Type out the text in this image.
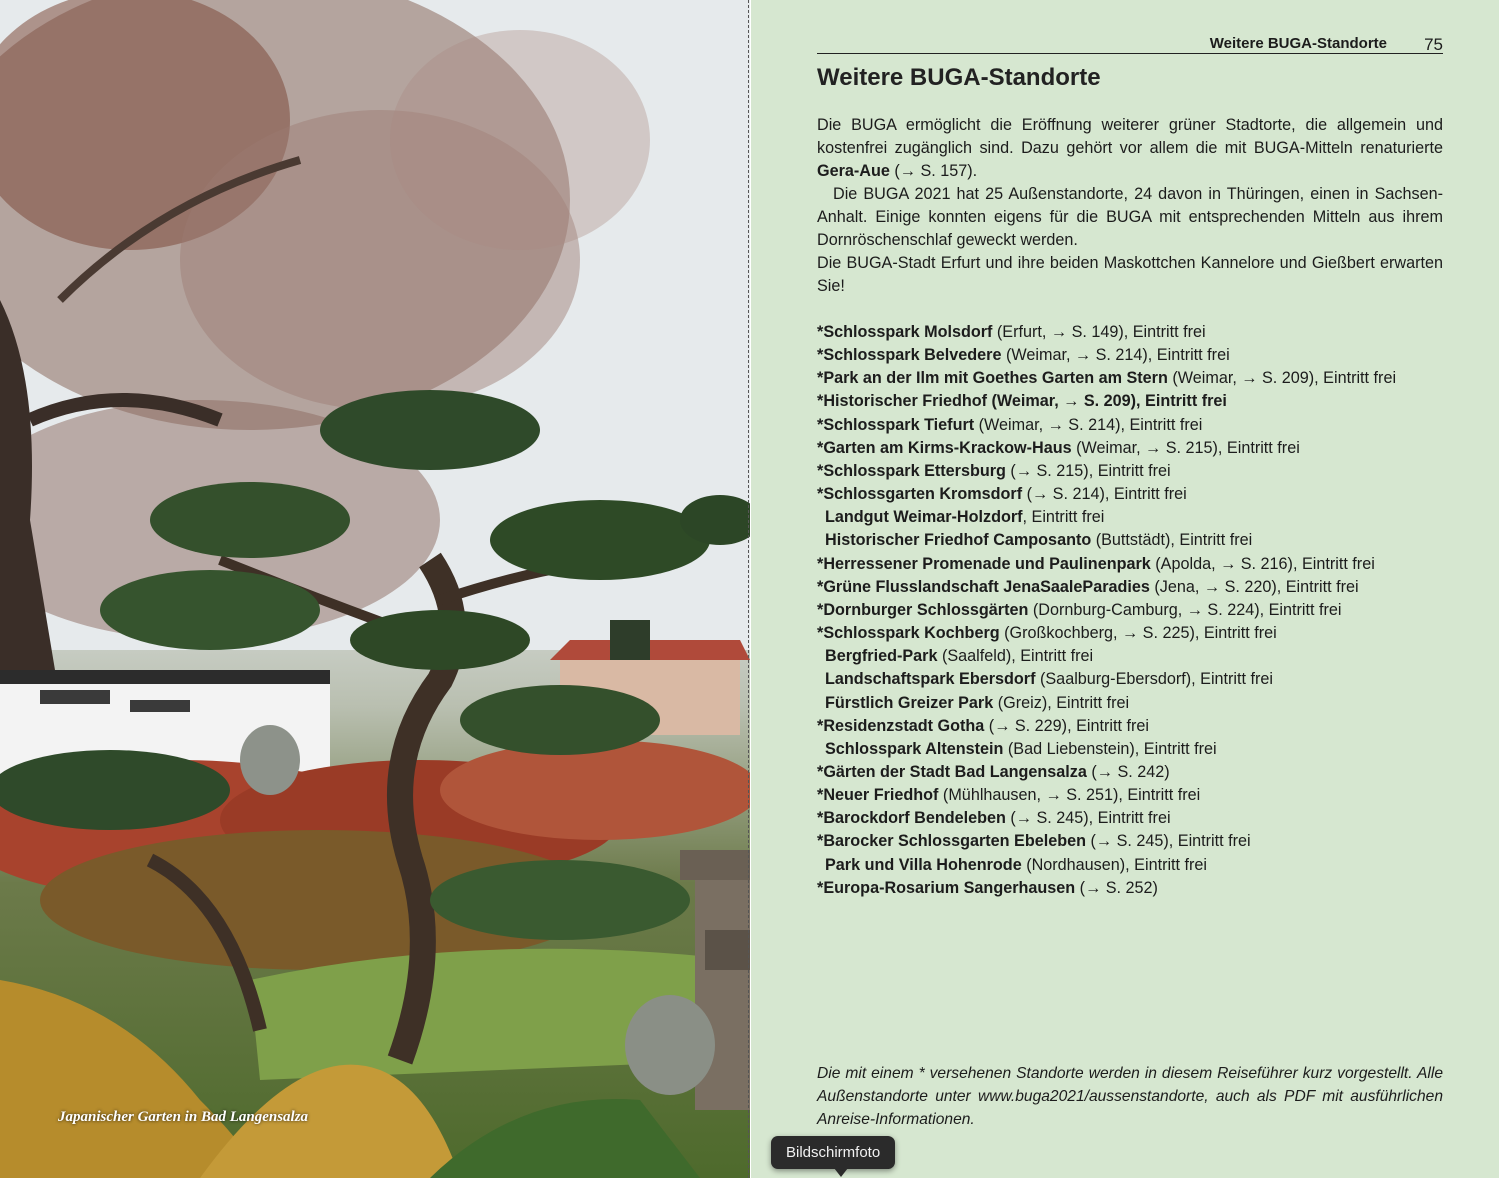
Japanischer Garten in Bad Langensalza
Weitere BUGA-Standorte 75
Weitere BUGA-Standorte

Die BUGA ermöglicht die Eröffnung weiterer grüner Stadtorte, die allgemein und kostenfrei zugänglich sind. Dazu gehört vor allem die mit BUGA-Mitteln renaturierte Gera-Aue (→ S. 157).

Die BUGA 2021 hat 25 Außenstandorte, 24 davon in Thüringen, einen in Sachsen-Anhalt. Einige konnten eigens für die BUGA mit entsprechenden Mitteln aus ihrem Dornröschenschlaf geweckt werden.

Die BUGA-Stadt Erfurt und ihre beiden Maskottchen Kannelore und Gießbert erwarten Sie!

*Schlosspark Molsdorf (Erfurt, → S. 149), Eintritt frei
*Schlosspark Belvedere (Weimar, → S. 214), Eintritt frei
*Park an der Ilm mit Goethes Garten am Stern (Weimar, → S. 209), Eintritt frei
*Historischer Friedhof (Weimar, → S. 209), Eintritt frei
*Schlosspark Tiefurt (Weimar, → S. 214), Eintritt frei
*Garten am Kirms-Krackow-Haus (Weimar, → S. 215), Eintritt frei
*Schlosspark Ettersburg (→ S. 215), Eintritt frei
*Schlossgarten Kromsdorf (→ S. 214), Eintritt frei
Landgut Weimar-Holzdorf, Eintritt frei
Historischer Friedhof Camposanto (Buttstädt), Eintritt frei
*Herressener Promenade und Paulinenpark (Apolda, → S. 216), Eintritt frei
*Grüne Flusslandschaft JenaSaaleParadies (Jena, → S. 220), Eintritt frei
*Dornburger Schlossgärten (Dornburg-Camburg, → S. 224), Eintritt frei
*Schlosspark Kochberg (Großkochberg, → S. 225), Eintritt frei
Bergfried-Park (Saalfeld), Eintritt frei
Landschaftspark Ebersdorf (Saalburg-Ebersdorf), Eintritt frei
Fürstlich Greizer Park (Greiz), Eintritt frei
*Residenzstadt Gotha (→ S. 229), Eintritt frei
Schlosspark Altenstein (Bad Liebenstein), Eintritt frei
*Gärten der Stadt Bad Langensalza (→ S. 242)
*Neuer Friedhof (Mühlhausen, → S. 251), Eintritt frei
*Barockdorf Bendeleben (→ S. 245), Eintritt frei
*Barocker Schlossgarten Ebeleben (→ S. 245), Eintritt frei
Park und Villa Hohenrode (Nordhausen), Eintritt frei
*Europa-Rosarium Sangerhausen (→ S. 252)

Die mit einem * versehenen Standorte werden in diesem Reiseführer kurz vorgestellt. Alle Außenstandorte unter www.buga2021/aussenstandorte, auch als PDF mit ausführlichen Anreise-Informationen.

Bildschirmfoto
